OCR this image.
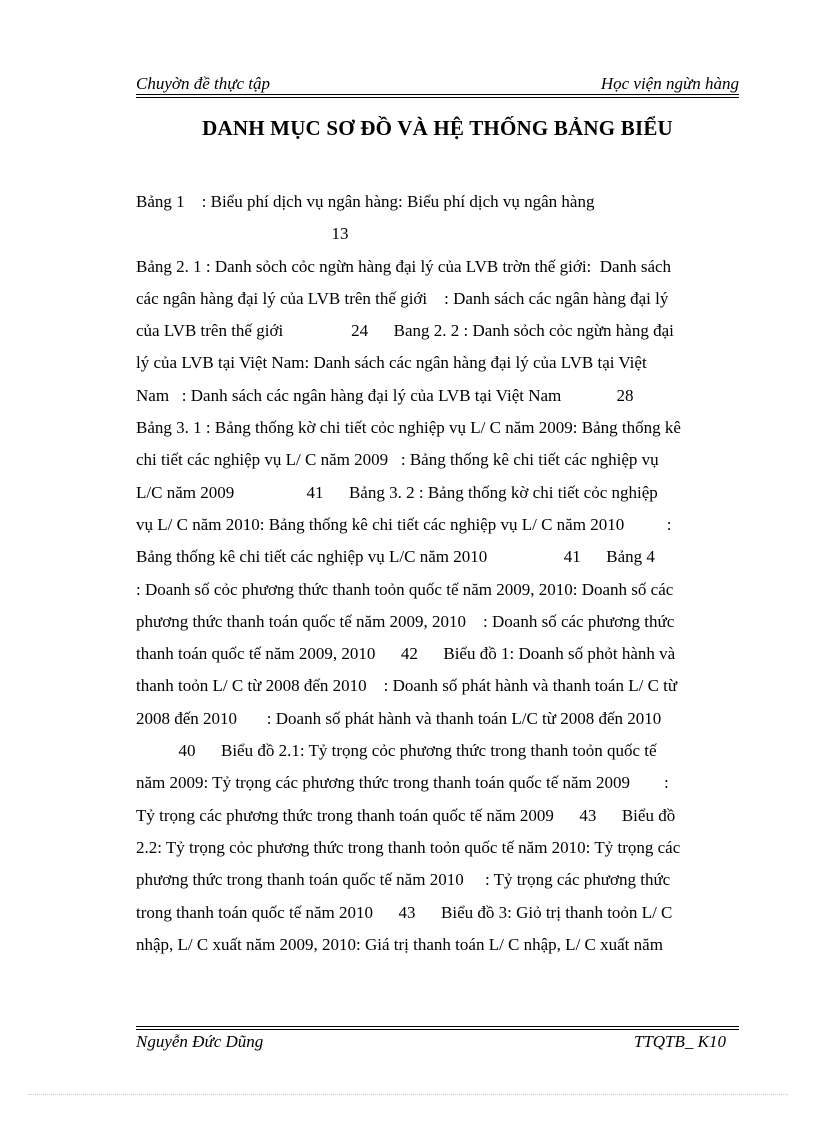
Chuyờn đề thực tập	Học viện ngừn hàng
DANH MỤC SƠ ĐỒ VÀ HỆ THỐNG BẢNG BIỂU
Bảng 1    : Biểu phí dịch vụ ngân hàng: Biểu phí dịch vụ ngân hàng
13
Bảng 2. 1 : Danh sỏch cỏc ngừn hàng đại lý của LVB trờn thế giới:  Danh sách
các ngân hàng đại lý của LVB trên thế giới    : Danh sách các ngân hàng đại lý
của LVB trên thế giới                24      Bang 2. 2 : Danh sỏch cỏc ngừn hàng đại
lý của LVB tại Việt Nam: Danh sách các ngân hàng đại lý của LVB tại Việt
Nam   : Danh sách các ngân hàng đại lý của LVB tại Việt Nam             28
Bảng 3. 1 : Bảng thống kờ chi tiết cỏc nghiệp vụ L/ C năm 2009: Bảng thống kê
chi tiết các nghiệp vụ L/ C năm 2009   : Bảng thống kê chi tiết các nghiệp vụ
L/C năm 2009                 41      Bảng 3. 2 : Bảng thống kờ chi tiết cỏc nghiệp
vụ L/ C năm 2010: Bảng thống kê chi tiết các nghiệp vụ L/ C năm 2010          :
Bảng thống kê chi tiết các nghiệp vụ L/C năm 2010                  41      Bảng 4
: Doanh số cỏc phương thức thanh toỏn quốc tế năm 2009, 2010: Doanh số các
phương thức thanh toán quốc tế năm 2009, 2010    : Doanh số các phương thức
thanh toán quốc tế năm 2009, 2010      42      Biểu đồ 1: Doanh số phỏt hành và
thanh toỏn L/ C từ 2008 đến 2010    : Doanh số phát hành và thanh toán L/ C từ
2008 đến 2010       : Doanh số phát hành và thanh toán L/C từ 2008 đến 2010
40      Biểu đồ 2.1: Tỷ trọng cỏc phương thức trong thanh toỏn quốc tế
năm 2009: Tỷ trọng các phương thức trong thanh toán quốc tế năm 2009        :
Tỷ trọng các phương thức trong thanh toán quốc tế năm 2009      43      Biểu đồ
2.2: Tỷ trọng cỏc phương thức trong thanh toỏn quốc tế năm 2010: Tỷ trọng các
phương thức trong thanh toán quốc tế năm 2010     : Tỷ trọng các phương thức
trong thanh toán quốc tế năm 2010      43      Biểu đồ 3: Giỏ trị thanh toỏn L/ C
nhập, L/ C xuất năm 2009, 2010: Giá trị thanh toán L/ C nhập, L/ C xuất năm
Nguyễn Đức Dũng	TTQTB_ K10
